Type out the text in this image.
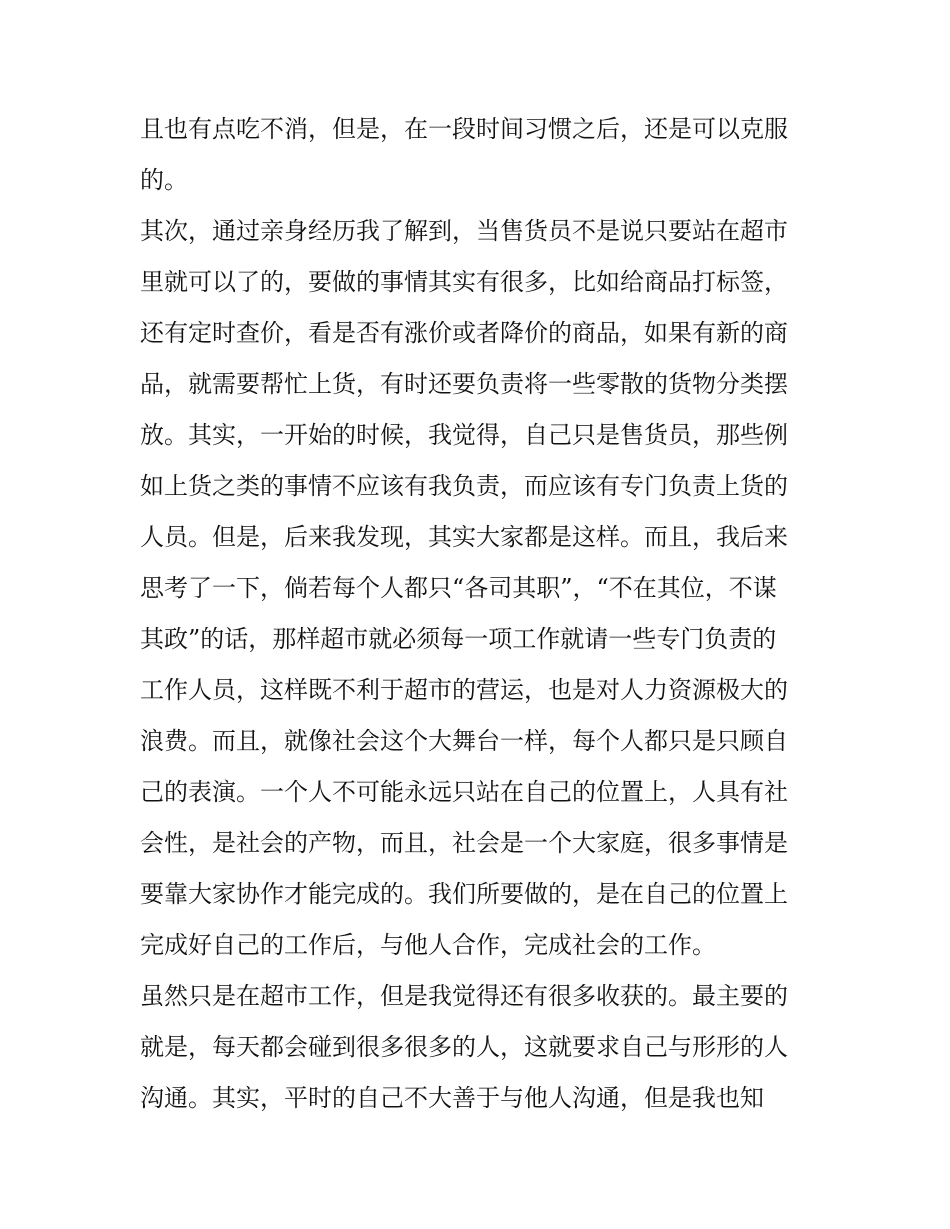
且也有点吃不消，但是，在一段时间习惯之后，还是可以克服
的。
其次，通过亲身经历我了解到，当售货员不是说只要站在超市
里就可以了的，要做的事情其实有很多，比如给商品打标签，
还有定时查价，看是否有涨价或者降价的商品，如果有新的商
品，就需要帮忙上货，有时还要负责将一些零散的货物分类摆
放。其实，一开始的时候，我觉得，自己只是售货员，那些例
如上货之类的事情不应该有我负责，而应该有专门负责上货的
人员。但是，后来我发现，其实大家都是这样。而且，我后来
思考了一下，倘若每个人都只“各司其职”，“不在其位，不谋
其政”的话，那样超市就必须每一项工作就请一些专门负责的
工作人员，这样既不利于超市的营运，也是对人力资源极大的
浪费。而且，就像社会这个大舞台一样，每个人都只是只顾自
己的表演。一个人不可能永远只站在自己的位置上，人具有社
会性，是社会的产物，而且，社会是一个大家庭，很多事情是
要靠大家协作才能完成的。我们所要做的，是在自己的位置上
完成好自己的工作后，与他人合作，完成社会的工作。
虽然只是在超市工作，但是我觉得还有很多收获的。最主要的
就是，每天都会碰到很多很多的人，这就要求自己与形形的人
沟通。其实，平时的自己不大善于与他人沟通，但是我也知
